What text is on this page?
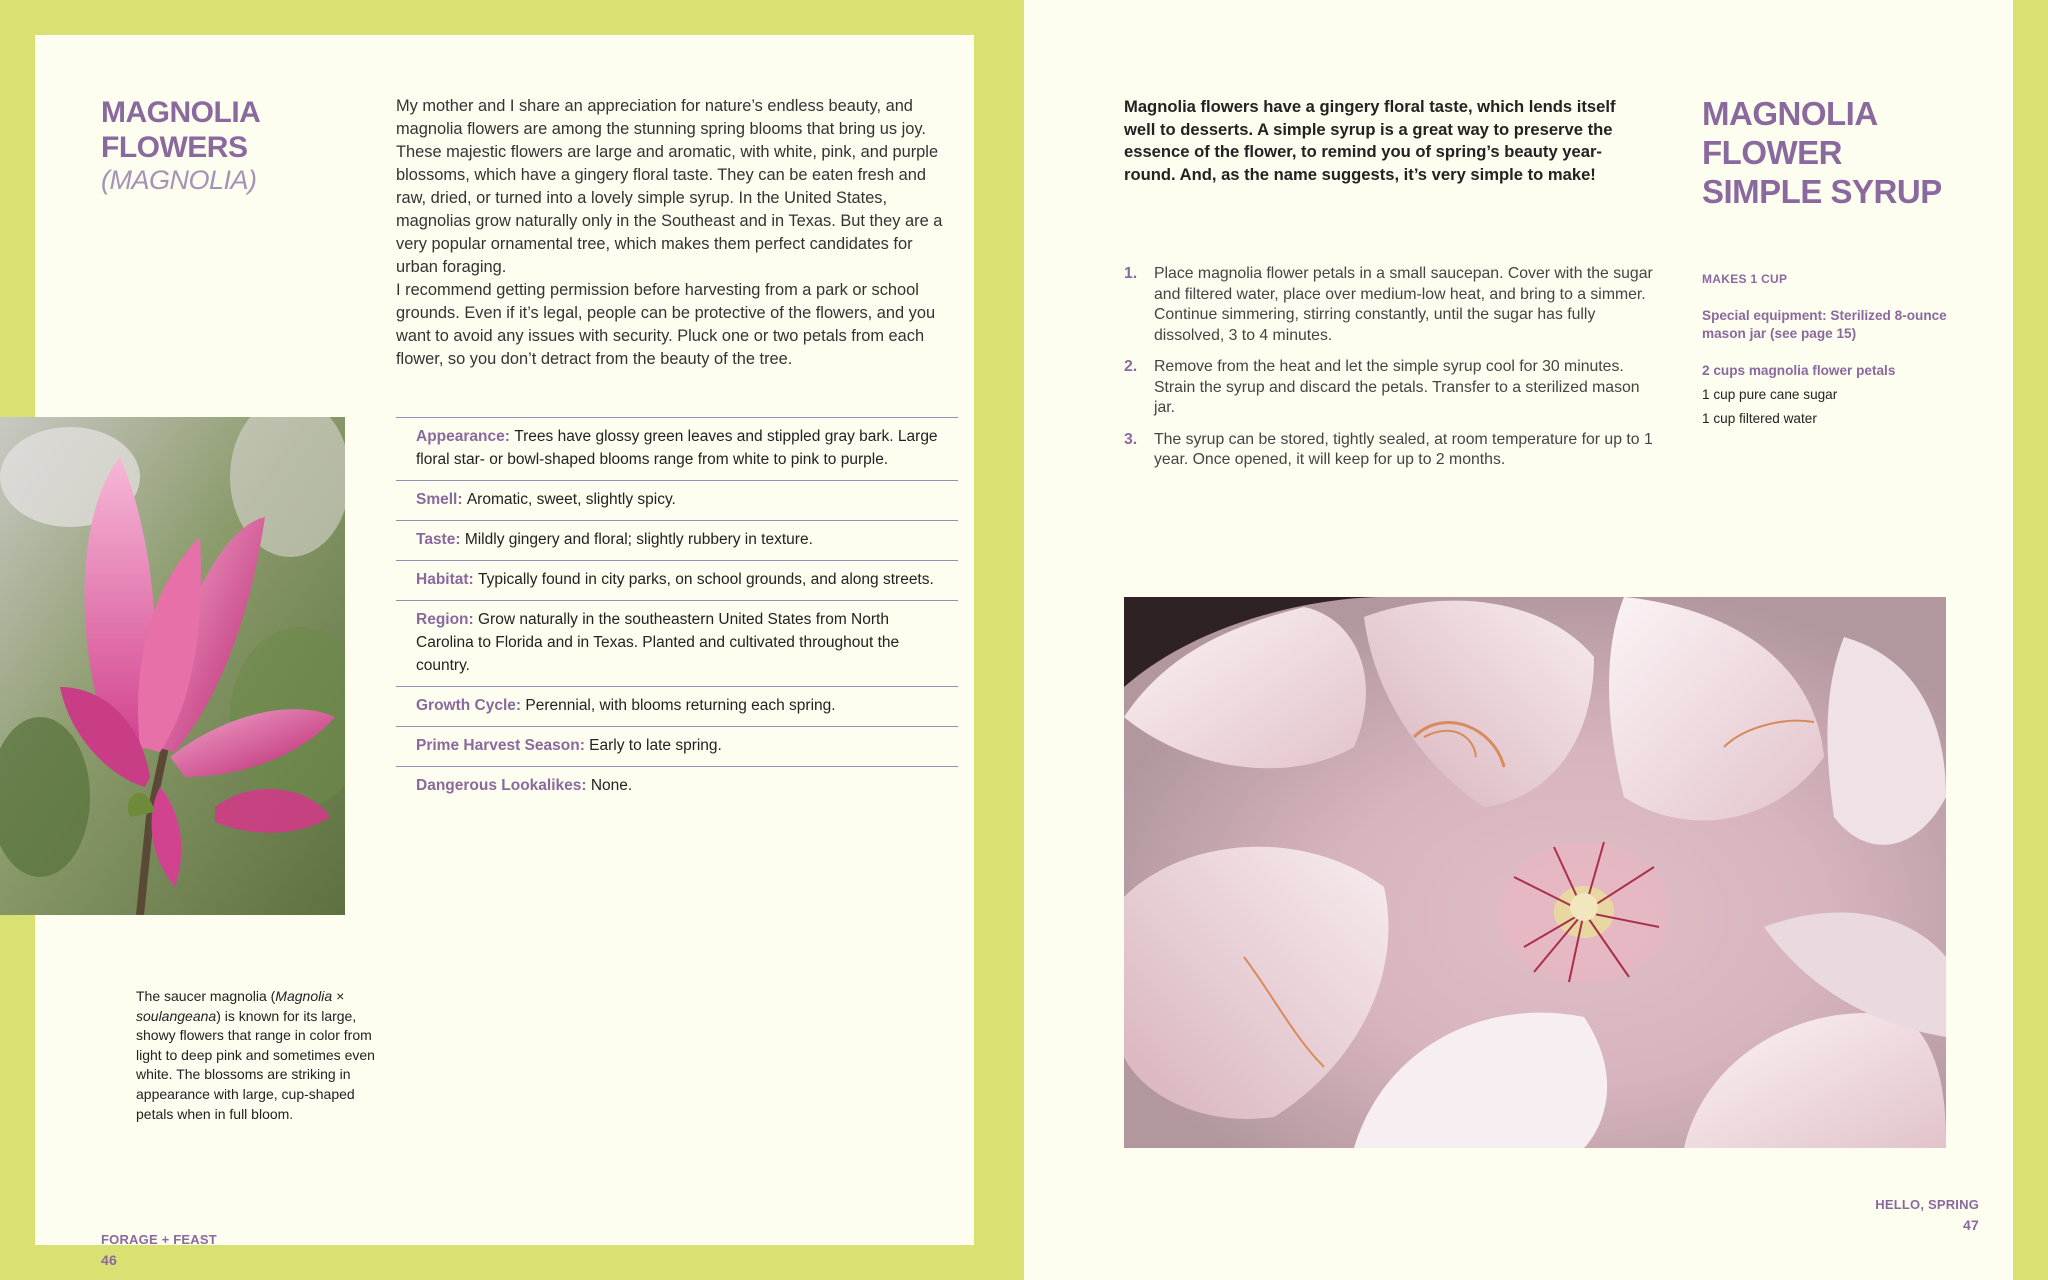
MAGNOLIA
FLOWERS
(MAGNOLIA)

My mother and I share an appreciation for nature’s endless beauty, and magnolia flowers are among the stunning spring blooms that bring us joy. These majestic flowers are large and aromatic, with white, pink, and purple blossoms, which have a gingery floral taste. They can be eaten fresh and raw, dried, or turned into a lovely simple syrup. In the United States, magnolias grow naturally only in the Southeast and in Texas. But they are a very popular ornamental tree, which makes them perfect candidates for urban foraging.

I recommend getting permission before harvesting from a park or school grounds. Even if it’s legal, people can be protective of the flowers, and you want to avoid any issues with security. Pluck one or two petals from each flower, so you don’t detract from the beauty of the tree.

Appearance: Trees have glossy green leaves and stippled gray bark. Large floral star- or bowl-shaped blooms range from white to pink to purple.
Smell: Aromatic, sweet, slightly spicy.
Taste: Mildly gingery and floral; slightly rubbery in texture.
Habitat: Typically found in city parks, on school grounds, and along streets.
Region: Grow naturally in the southeastern United States from North Carolina to Florida and in Texas. Planted and cultivated throughout the country.
Growth Cycle: Perennial, with blooms returning each spring.
Prime Harvest Season: Early to late spring.
Dangerous Lookalikes: None.
The saucer magnolia (Magnolia × soulangeana) is known for its large, showy flowers that range in color from light to deep pink and sometimes even white. The blossoms are striking in appearance with large, cup-shaped petals when in full bloom.
FORAGE + FEAST
46
Magnolia flowers have a gingery floral taste, which lends itself well to desserts. A simple syrup is a great way to preserve the essence of the flower, to remind you of spring’s beauty year-round. And, as the name suggests, it’s very simple to make!
MAGNOLIA
FLOWER
SIMPLE SYRUP
1. Place magnolia flower petals in a small saucepan. Cover with the sugar and filtered water, place over medium-low heat, and bring to a simmer. Continue simmering, stirring constantly, until the sugar has fully dissolved, 3 to 4 minutes.
2. Remove from the heat and let the simple syrup cool for 30 minutes. Strain the syrup and discard the petals. Transfer to a sterilized mason jar.
3. The syrup can be stored, tightly sealed, at room temperature for up to 1 year. Once opened, it will keep for up to 2 months.
MAKES 1 CUP
Special equipment: Sterilized 8-ounce mason jar (see page 15)
2 cups magnolia flower petals
1 cup pure cane sugar
1 cup filtered water
HELLO, SPRING
47
